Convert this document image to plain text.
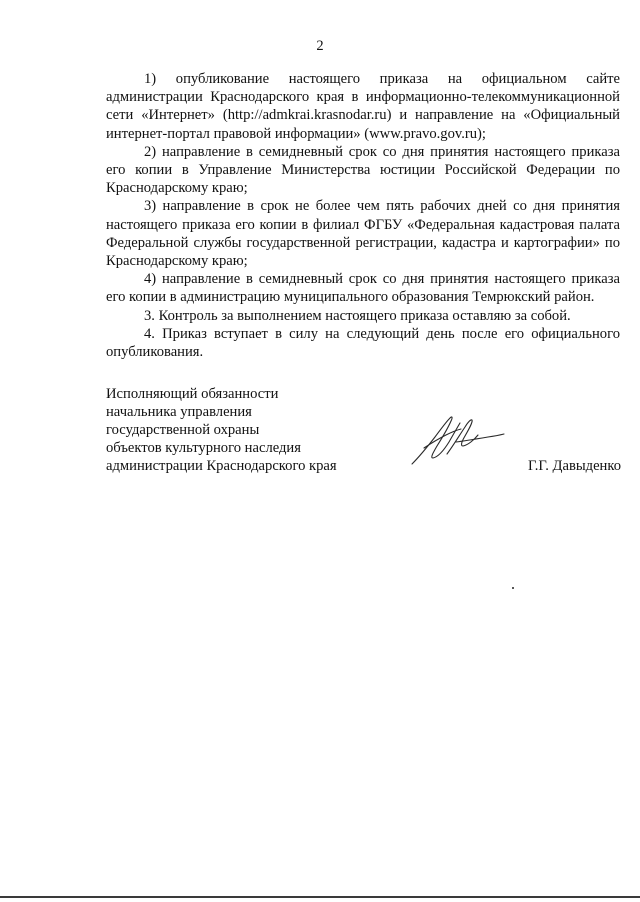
2

1) опубликование настоящего приказа на официальном сайте администрации Краснодарского края в информационно-телекоммуникационной сети «Интернет» (http://admkrai.krasnodar.ru) и направление на «Официальный интернет-портал правовой информации» (www.pravo.gov.ru);

2) направление в семидневный срок со дня принятия настоящего приказа его копии в Управление Министерства юстиции Российской Федерации по Краснодарскому краю;

3) направление в срок не более чем пять рабочих дней со дня принятия настоящего приказа его копии в филиал ФГБУ «Федеральная кадастровая палата Федеральной службы государственной регистрации, кадастра и картографии» по Краснодарскому краю;

4) направление в семидневный срок со дня принятия настоящего приказа его копии в администрацию муниципального образования Темрюкский район.

3. Контроль за выполнением настоящего приказа оставляю за собой.

4. Приказ вступает в силу на следующий день после его официального опубликования.

Исполняющий обязанности
начальника управления
государственной охраны
объектов культурного наследия
администрации Краснодарского края	Г.Г. Давыденко
